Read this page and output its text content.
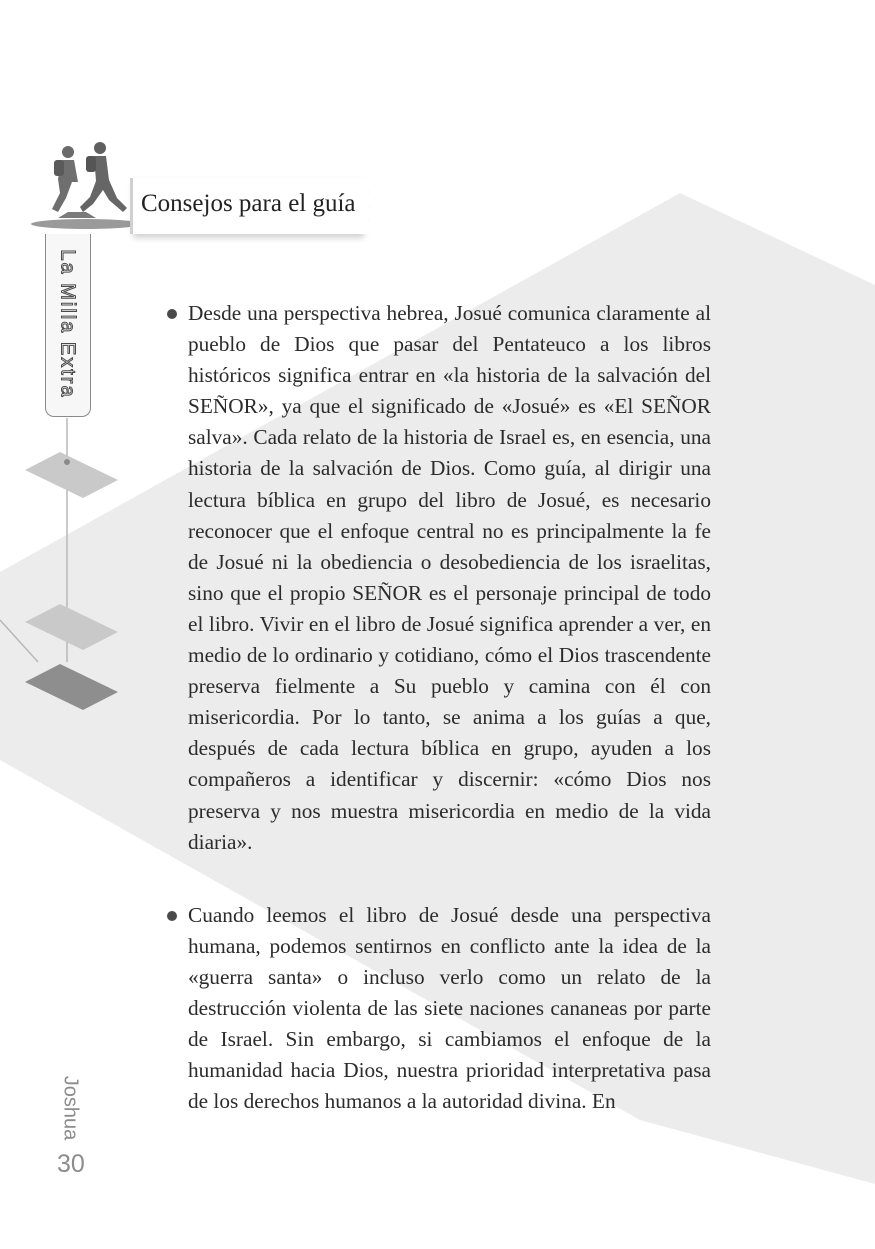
Consejos para el guía
La Milla Extra	Desde una perspectiva hebrea, Josué comunica claramente al pueblo de Dios que pasar del Pentateuco a los libros históricos significa entrar en «la historia de la salvación del SEÑOR», ya que el significado de «Josué» es «El SEÑOR salva». Cada relato de la historia de Israel es, en esencia, una historia de la salvación de Dios. Como guía, al dirigir una lectura bíblica en grupo del libro de Josué, es necesario reconocer que el enfoque central no es principalmente la fe de Josué ni la obediencia o desobediencia de los israelitas, sino que el propio SEÑOR es el personaje principal de todo el libro. Vivir en el libro de Josué significa aprender a ver, en medio de lo ordinario y cotidiano, cómo el Dios trascendente preserva fielmente a Su pueblo y camina con él con misericordia. Por lo tanto, se anima a los guías a que, después de cada lectura bíblica en grupo, ayuden a los compañeros a identificar y discernir: «cómo Dios nos preserva y nos muestra misericordia en medio de la vida diaria».

Cuando leemos el libro de Josué desde una perspectiva humana, podemos sentirnos en conflicto ante la idea de la «guerra santa» o incluso verlo como un relato de la destrucción violenta de las siete naciones cananeas por parte de Israel. Sin embargo, si cambiamos el enfoque de la humanidad hacia Dios, nuestra prioridad interpretativa pasa de los derechos humanos a la autoridad divina. En

Joshua
30
